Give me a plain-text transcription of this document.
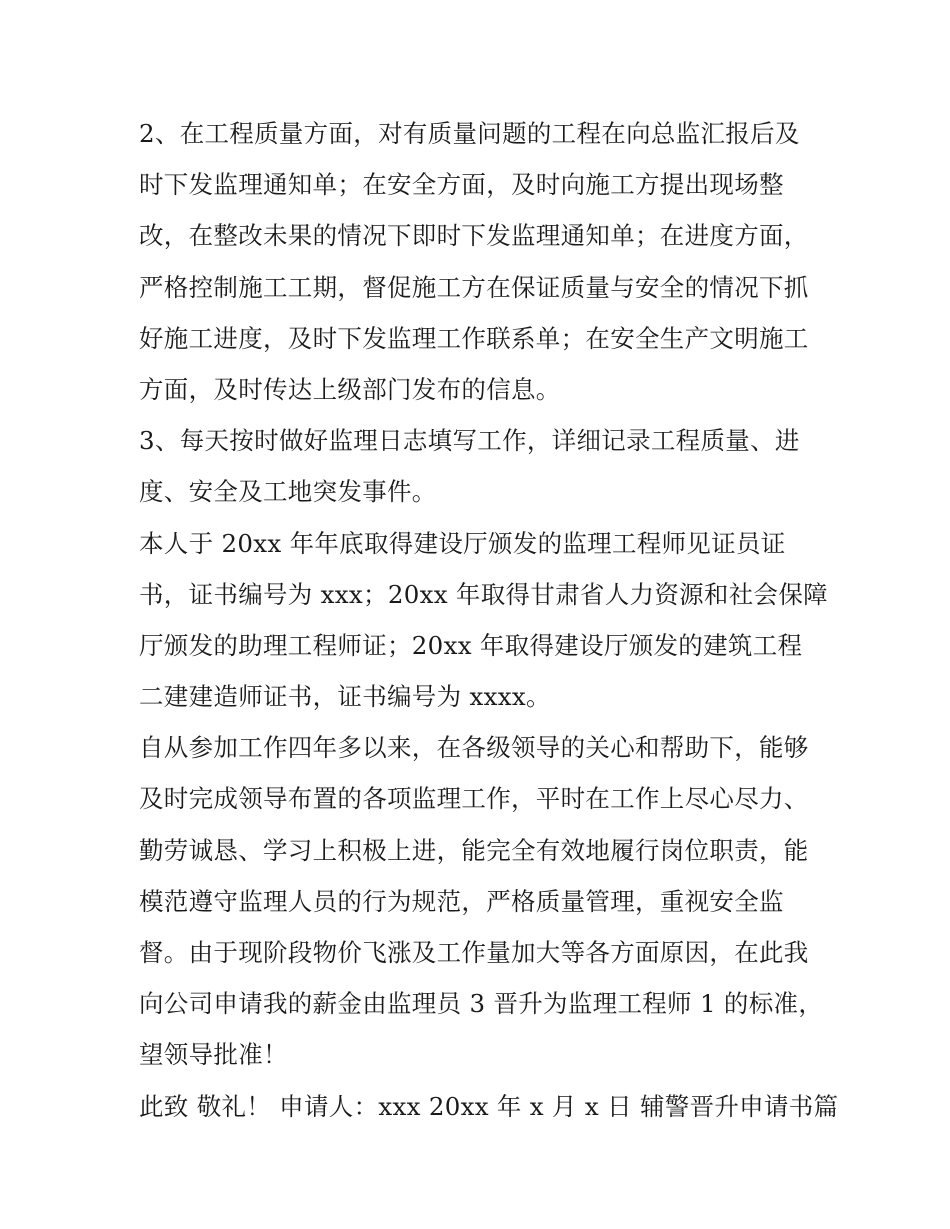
2、在工程质量方面，对有质量问题的工程在向总监汇报后及
时下发监理通知单；在安全方面，及时向施工方提出现场整
改，在整改未果的情况下即时下发监理通知单；在进度方面，
严格控制施工工期，督促施工方在保证质量与安全的情况下抓
好施工进度，及时下发监理工作联系单；在安全生产文明施工
方面，及时传达上级部门发布的信息。
3、每天按时做好监理日志填写工作，详细记录工程质量、进
度、安全及工地突发事件。
本人于 20xx 年年底取得建设厅颁发的监理工程师见证员证
书，证书编号为 xxx；20xx 年取得甘肃省人力资源和社会保障
厅颁发的助理工程师证；20xx 年取得建设厅颁发的建筑工程
二建建造师证书，证书编号为 xxxx。
自从参加工作四年多以来，在各级领导的关心和帮助下，能够
及时完成领导布置的各项监理工作，平时在工作上尽心尽力、
勤劳诚恳、学习上积极上进，能完全有效地履行岗位职责，能
模范遵守监理人员的行为规范，严格质量管理，重视安全监
督。由于现阶段物价飞涨及工作量加大等各方面原因，在此我
向公司申请我的薪金由监理员 3 晋升为监理工程师 1 的标准，
望领导批准！
此致 敬礼！ 申请人：xxx 20xx 年 x 月 x 日 辅警晋升申请书篇
